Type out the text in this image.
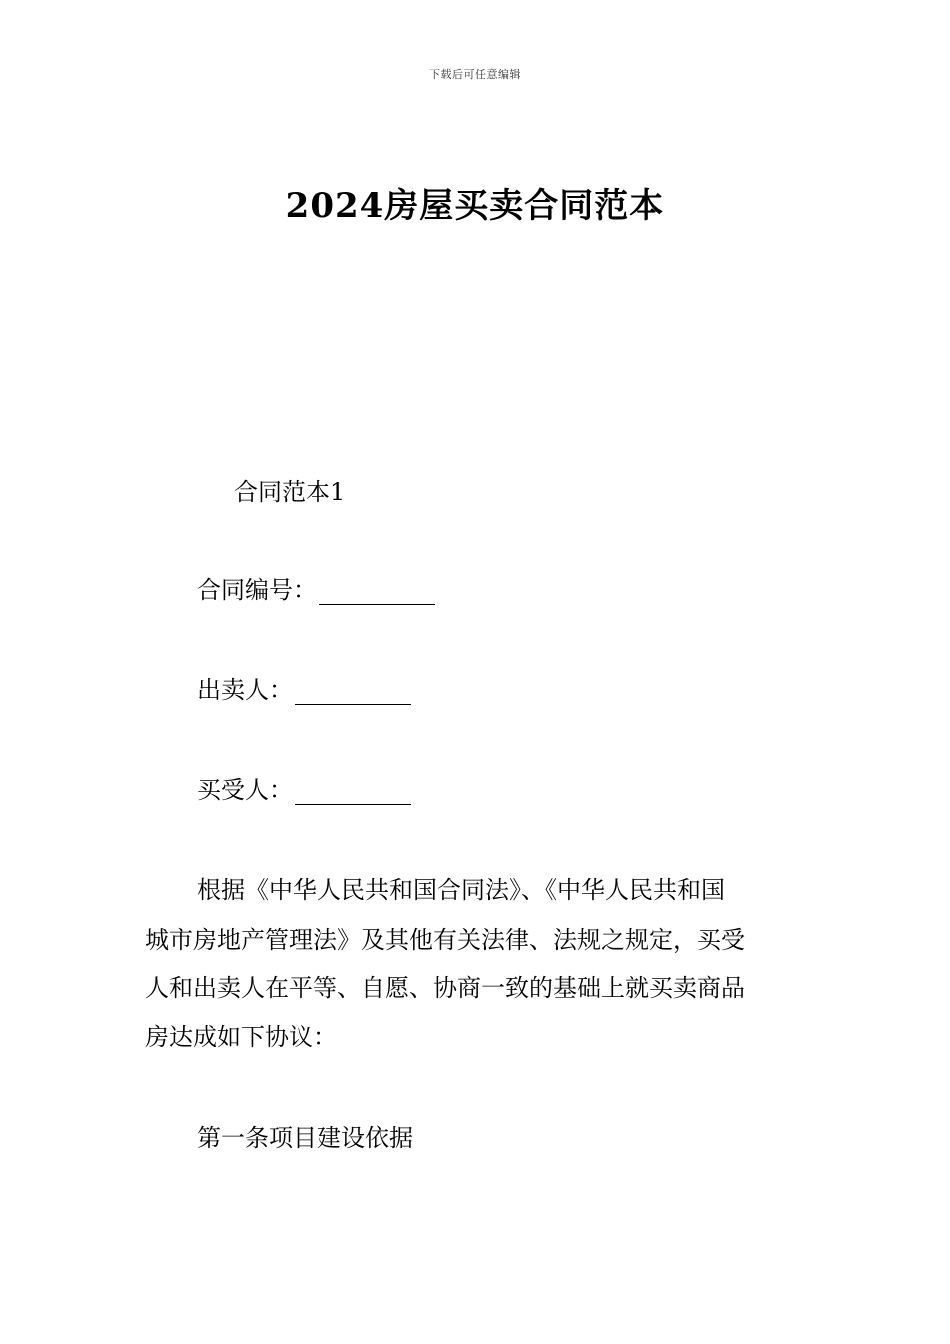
下载后可任意编辑
2024房屋买卖合同范本
合同范本1
合同编号：
出卖人：
买受人：
根据《中华人民共和国合同法》、《中华人民共和国
城市房地产管理法》及其他有关法律、法规之规定，买受
人和出卖人在平等、自愿、协商一致的基础上就买卖商品
房达成如下协议：
第一条项目建设依据
